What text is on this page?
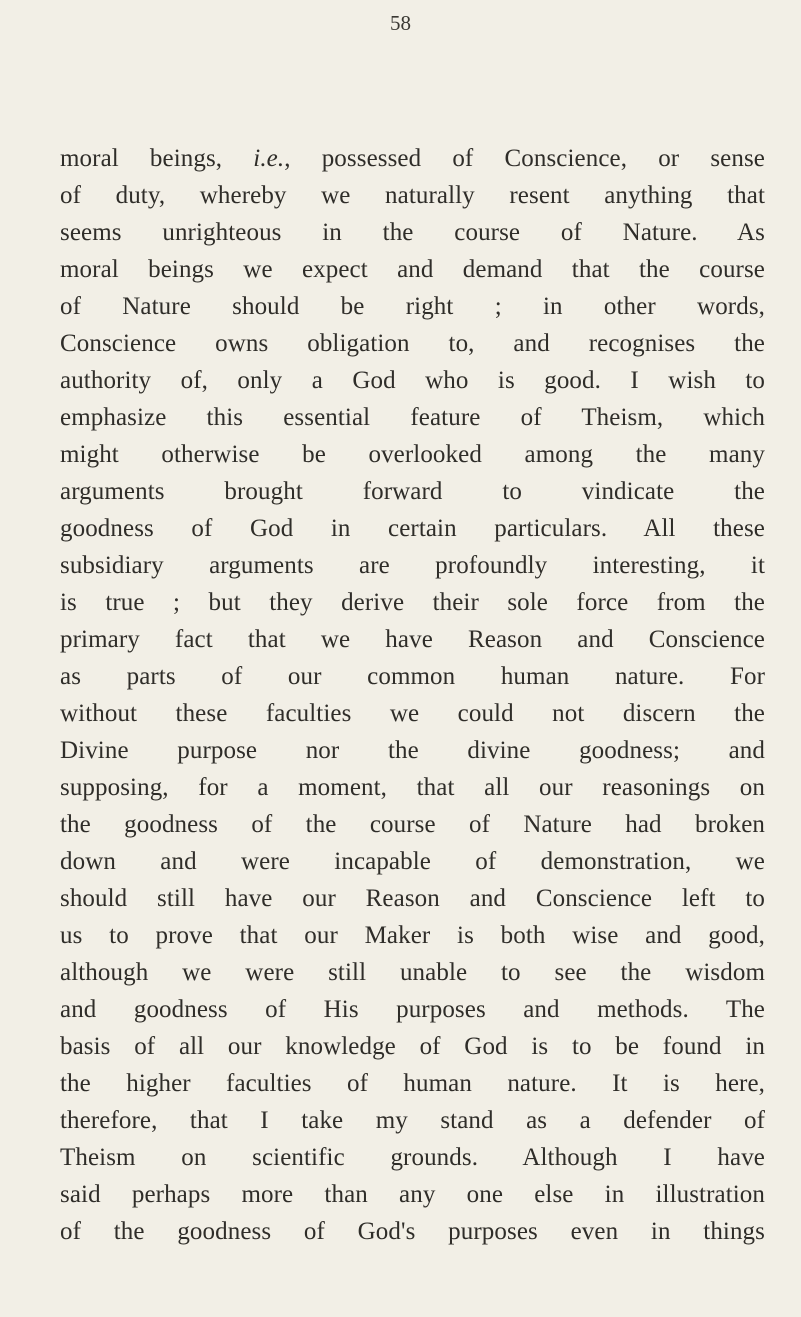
58
moral beings, i.e., possessed of Conscience, or sense
of duty, whereby we naturally resent anything that
seems unrighteous in the course of Nature. As
moral beings we expect and demand that the course
of Nature should be right ; in other words,
Conscience owns obligation to, and recognises the
authority of, only a God who is good. I wish to
emphasize this essential feature of Theism, which
might otherwise be overlooked among the many
arguments brought forward to vindicate the
goodness of God in certain particulars. All these
subsidiary arguments are profoundly interesting, it
is true ; but they derive their sole force from the
primary fact that we have Reason and Conscience
as parts of our common human nature. For
without these faculties we could not discern the
Divine purpose nor the divine goodness; and
supposing, for a moment, that all our reasonings on
the goodness of the course of Nature had broken
down and were incapable of demonstration, we
should still have our Reason and Conscience left to
us to prove that our Maker is both wise and good,
although we were still unable to see the wisdom
and goodness of His purposes and methods. The
basis of all our knowledge of God is to be found in
the higher faculties of human nature. It is here,
therefore, that I take my stand as a defender of
Theism on scientific grounds. Although I have
said perhaps more than any one else in illustration
of the goodness of God's purposes even in things
